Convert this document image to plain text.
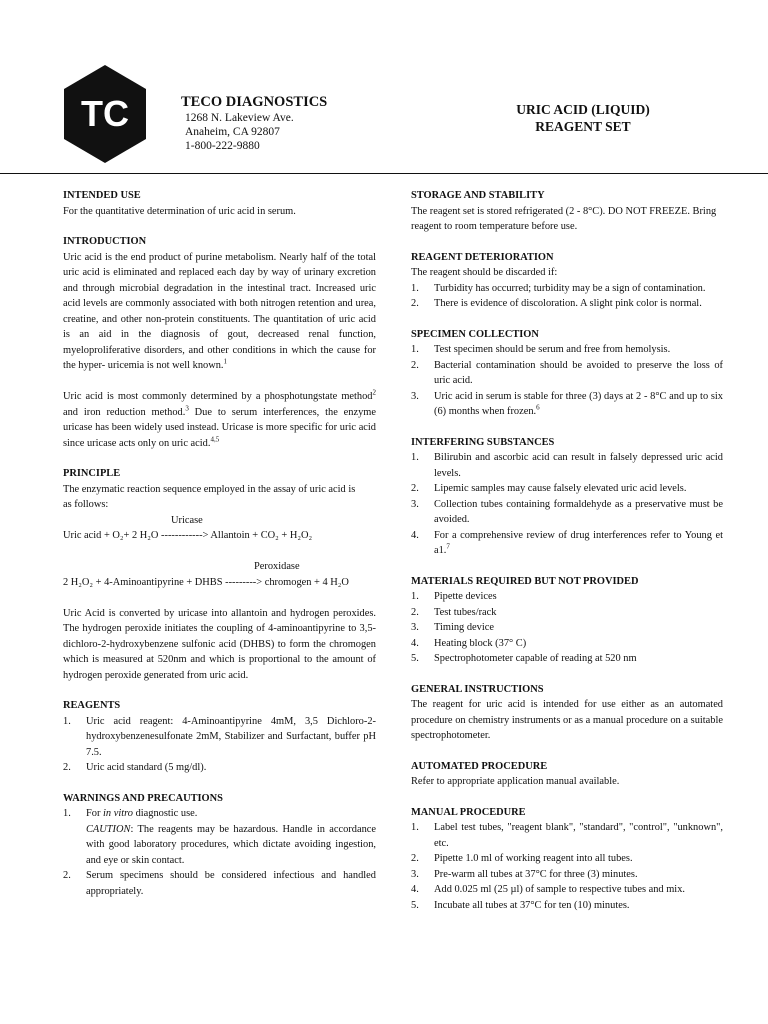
TC	TECO DIAGNOSTICS
1268 N. Lakeview Ave.
Anaheim, CA 92807
1-800-222-9880
URIC ACID (LIQUID)
REAGENT SET
INTENDED USE

For the quantitative determination of uric acid in serum.

INTRODUCTION

Uric acid is the end product of purine metabolism. Nearly half of the total uric acid is eliminated and replaced each day by way of urinary excretion and through microbial degradation in the intestinal tract. Increased uric acid levels are commonly associated with both nitrogen retention and urea, creatine, and other non-protein constituents. The quantitation of uric acid is an aid in the diagnosis of gout, decreased renal function, myeloproliferative disorders, and other conditions in which the cause for the hyper- uricemia is not well known.$^1$

Uric acid is most commonly determined by a phosphotungstate method$^2$ and iron reduction method.$^3$ Due to serum interferences, the enzyme uricase has been widely used instead. Uricase is more specific for uric acid since uricase acts only on uric acid.$^{4,5}$

PRINCIPLE

The enzymatic reaction sequence employed in the assay of uric acid is as follows:

Uricase
Uric acid + O₂+ 2 H₂O ------------> Allantoin + CO₂ + H₂O₂
Peroxidase
2 H₂O₂ + 4-Aminoantipyrine + DHBS ---------> chromogen + 4 H₂O

Uric Acid is converted by uricase into allantoin and hydrogen peroxides. The hydrogen peroxide initiates the coupling of 4-aminoantipyrine to 3,5-dichloro-2-hydroxybenzene sulfonic acid (DHBS) to form the chromogen which is measured at 520nm and which is proportional to the amount of hydrogen peroxide generated from uric acid.

REAGENTS
1. Uric acid reagent: 4-Aminoantipyrine 4mM, 3,5 Dichloro-2- hydroxybenzenesulfonate 2mM, Stabilizer and Surfactant, buffer pH 7.5.
2. Uric acid standard (5 mg/dl).
WARNINGS AND PRECAUTIONS
1. For in vitro diagnostic use.
CAUTION: The reagents may be hazardous. Handle in accordance with good laboratory procedures, which dictate avoiding ingestion, and eye or skin contact.
2. Serum specimens should be considered infectious and handled appropriately.
STORAGE AND STABILITY

The reagent set is stored refrigerated (2 - 8°C). DO NOT FREEZE. Bring reagent to room temperature before use.

REAGENT DETERIORATION

The reagent should be discarded if:

1. Turbidity has occurred; turbidity may be a sign of contamination.
2. There is evidence of discoloration. A slight pink color is normal.
SPECIMEN COLLECTION
1. Test specimen should be serum and free from hemolysis.
2. Bacterial contamination should be avoided to preserve the loss of uric acid.
3. Uric acid in serum is stable for three (3) days at 2 - 8°C and up to six (6) months when frozen.$^6$
INTERFERING SUBSTANCES
1. Bilirubin and ascorbic acid can result in falsely depressed uric acid levels.
2. Lipemic samples may cause falsely elevated uric acid levels.
3. Collection tubes containing formaldehyde as a preservative must be avoided.
4. For a comprehensive review of drug interferences refer to Young et a1.$^7$
MATERIALS REQUIRED BUT NOT PROVIDED
1. Pipette devices
2. Test tubes/rack
3. Timing device
4. Heating block (37° C)
5. Spectrophotometer capable of reading at 520 nm
GENERAL INSTRUCTIONS

The reagent for uric acid is intended for use either as an automated procedure on chemistry instruments or as a manual procedure on a suitable spectrophotometer.

AUTOMATED PROCEDURE

Refer to appropriate application manual available.

MANUAL PROCEDURE
1. Label test tubes, "reagent blank", "standard", "control", "unknown", etc.
2. Pipette 1.0 ml of working reagent into all tubes.
3. Pre-warm all tubes at 37°C for three (3) minutes.
4. Add 0.025 ml (25 µl) of sample to respective tubes and mix.
5. Incubate all tubes at 37°C for ten (10) minutes.
